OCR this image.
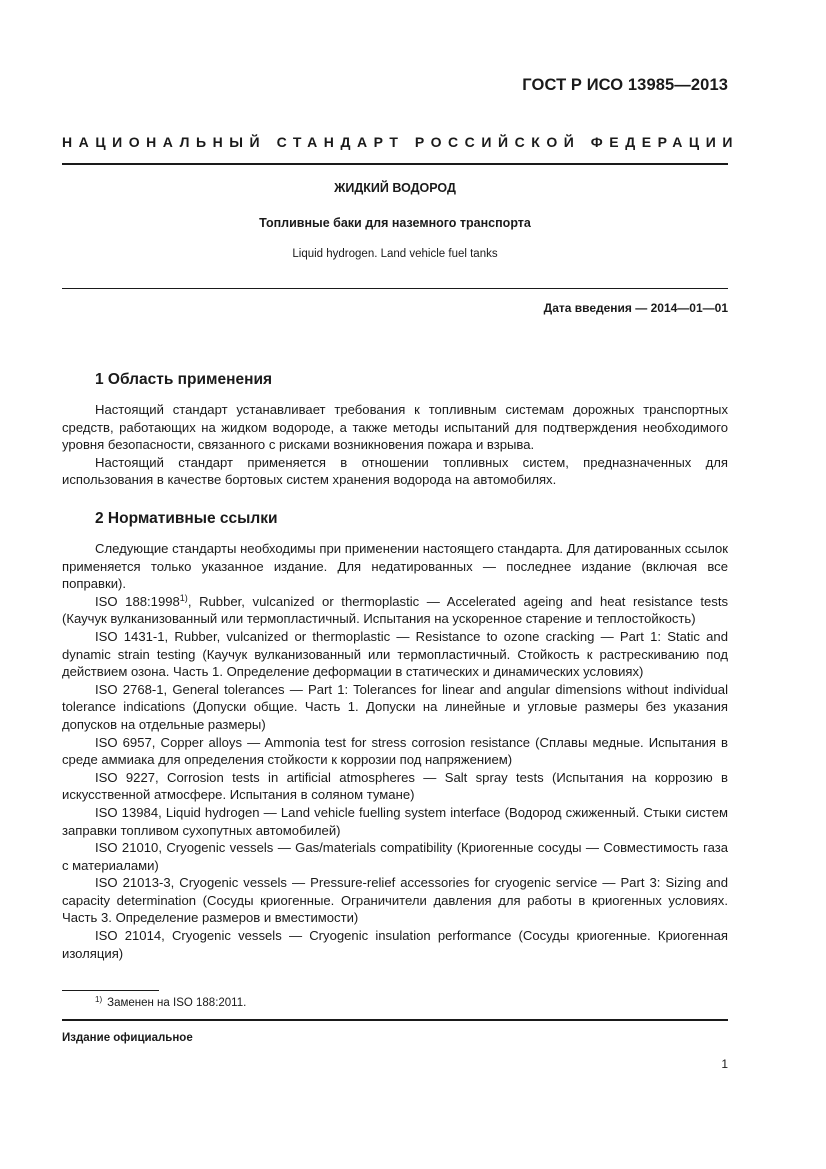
ГОСТ Р ИСО 13985—2013
НАЦИОНАЛЬНЫЙ СТАНДАРТ РОССИЙСКОЙ ФЕДЕРАЦИИ
ЖИДКИЙ ВОДОРОД
Топливные баки для наземного транспорта
Liquid hydrogen. Land vehicle fuel tanks
Дата введения — 2014—01—01
1 Область применения

Настоящий стандарт устанавливает требования к топливным системам дорожных транспортных средств, работающих на жидком водороде, а также методы испытаний для подтверждения необходимого уровня безопасности, связанного с рисками возникновения пожара и взрыва.

Настоящий стандарт применяется в отношении топливных систем, предназначенных для использования в качестве бортовых систем хранения водорода на автомобилях.

2 Нормативные ссылки

Следующие стандарты необходимы при применении настоящего стандарта. Для датированных ссылок применяется только указанное издание. Для недатированных — последнее издание (включая все поправки).

ISO 188:1998$^{1)}$, Rubber, vulcanized or thermoplastic — Accelerated ageing and heat resistance tests (Каучук вулканизованный или термопластичный. Испытания на ускоренное старение и теплостойкость)

ISO 1431-1, Rubber, vulcanized or thermoplastic — Resistance to ozone cracking — Part 1: Static and dynamic strain testing (Каучук вулканизованный или термопластичный. Стойкость к растрескиванию под действием озона. Часть 1. Определение деформации в статических и динамических условиях)

ISO 2768-1, General tolerances — Part 1: Tolerances for linear and angular dimensions without individual tolerance indications (Допуски общие. Часть 1. Допуски на линейные и угловые размеры без указания допусков на отдельные размеры)

ISO 6957, Copper alloys — Ammonia test for stress corrosion resistance (Сплавы медные. Испытания в среде аммиака для определения стойкости к коррозии под напряжением)

ISO 9227, Corrosion tests in artificial atmospheres — Salt spray tests (Испытания на коррозию в искусственной атмосфере. Испытания в соляном тумане)

ISO 13984, Liquid hydrogen — Land vehicle fuelling system interface (Водород сжиженный. Стыки систем заправки топливом сухопутных автомобилей)

ISO 21010, Cryogenic vessels — Gas/materials compatibility (Криогенные сосуды — Совместимость газа с материалами)

ISO 21013-3, Cryogenic vessels — Pressure-relief accessories for cryogenic service — Part 3: Sizing and capacity determination (Сосуды криогенные. Ограничители давления для работы в криогенных условиях. Часть 3. Определение размеров и вместимости)

ISO 21014, Cryogenic vessels — Cryogenic insulation performance (Сосуды криогенные. Криогенная изоляция)

$^{1)}$ Заменен на ISO 188:2011.
Издание официальное
1
